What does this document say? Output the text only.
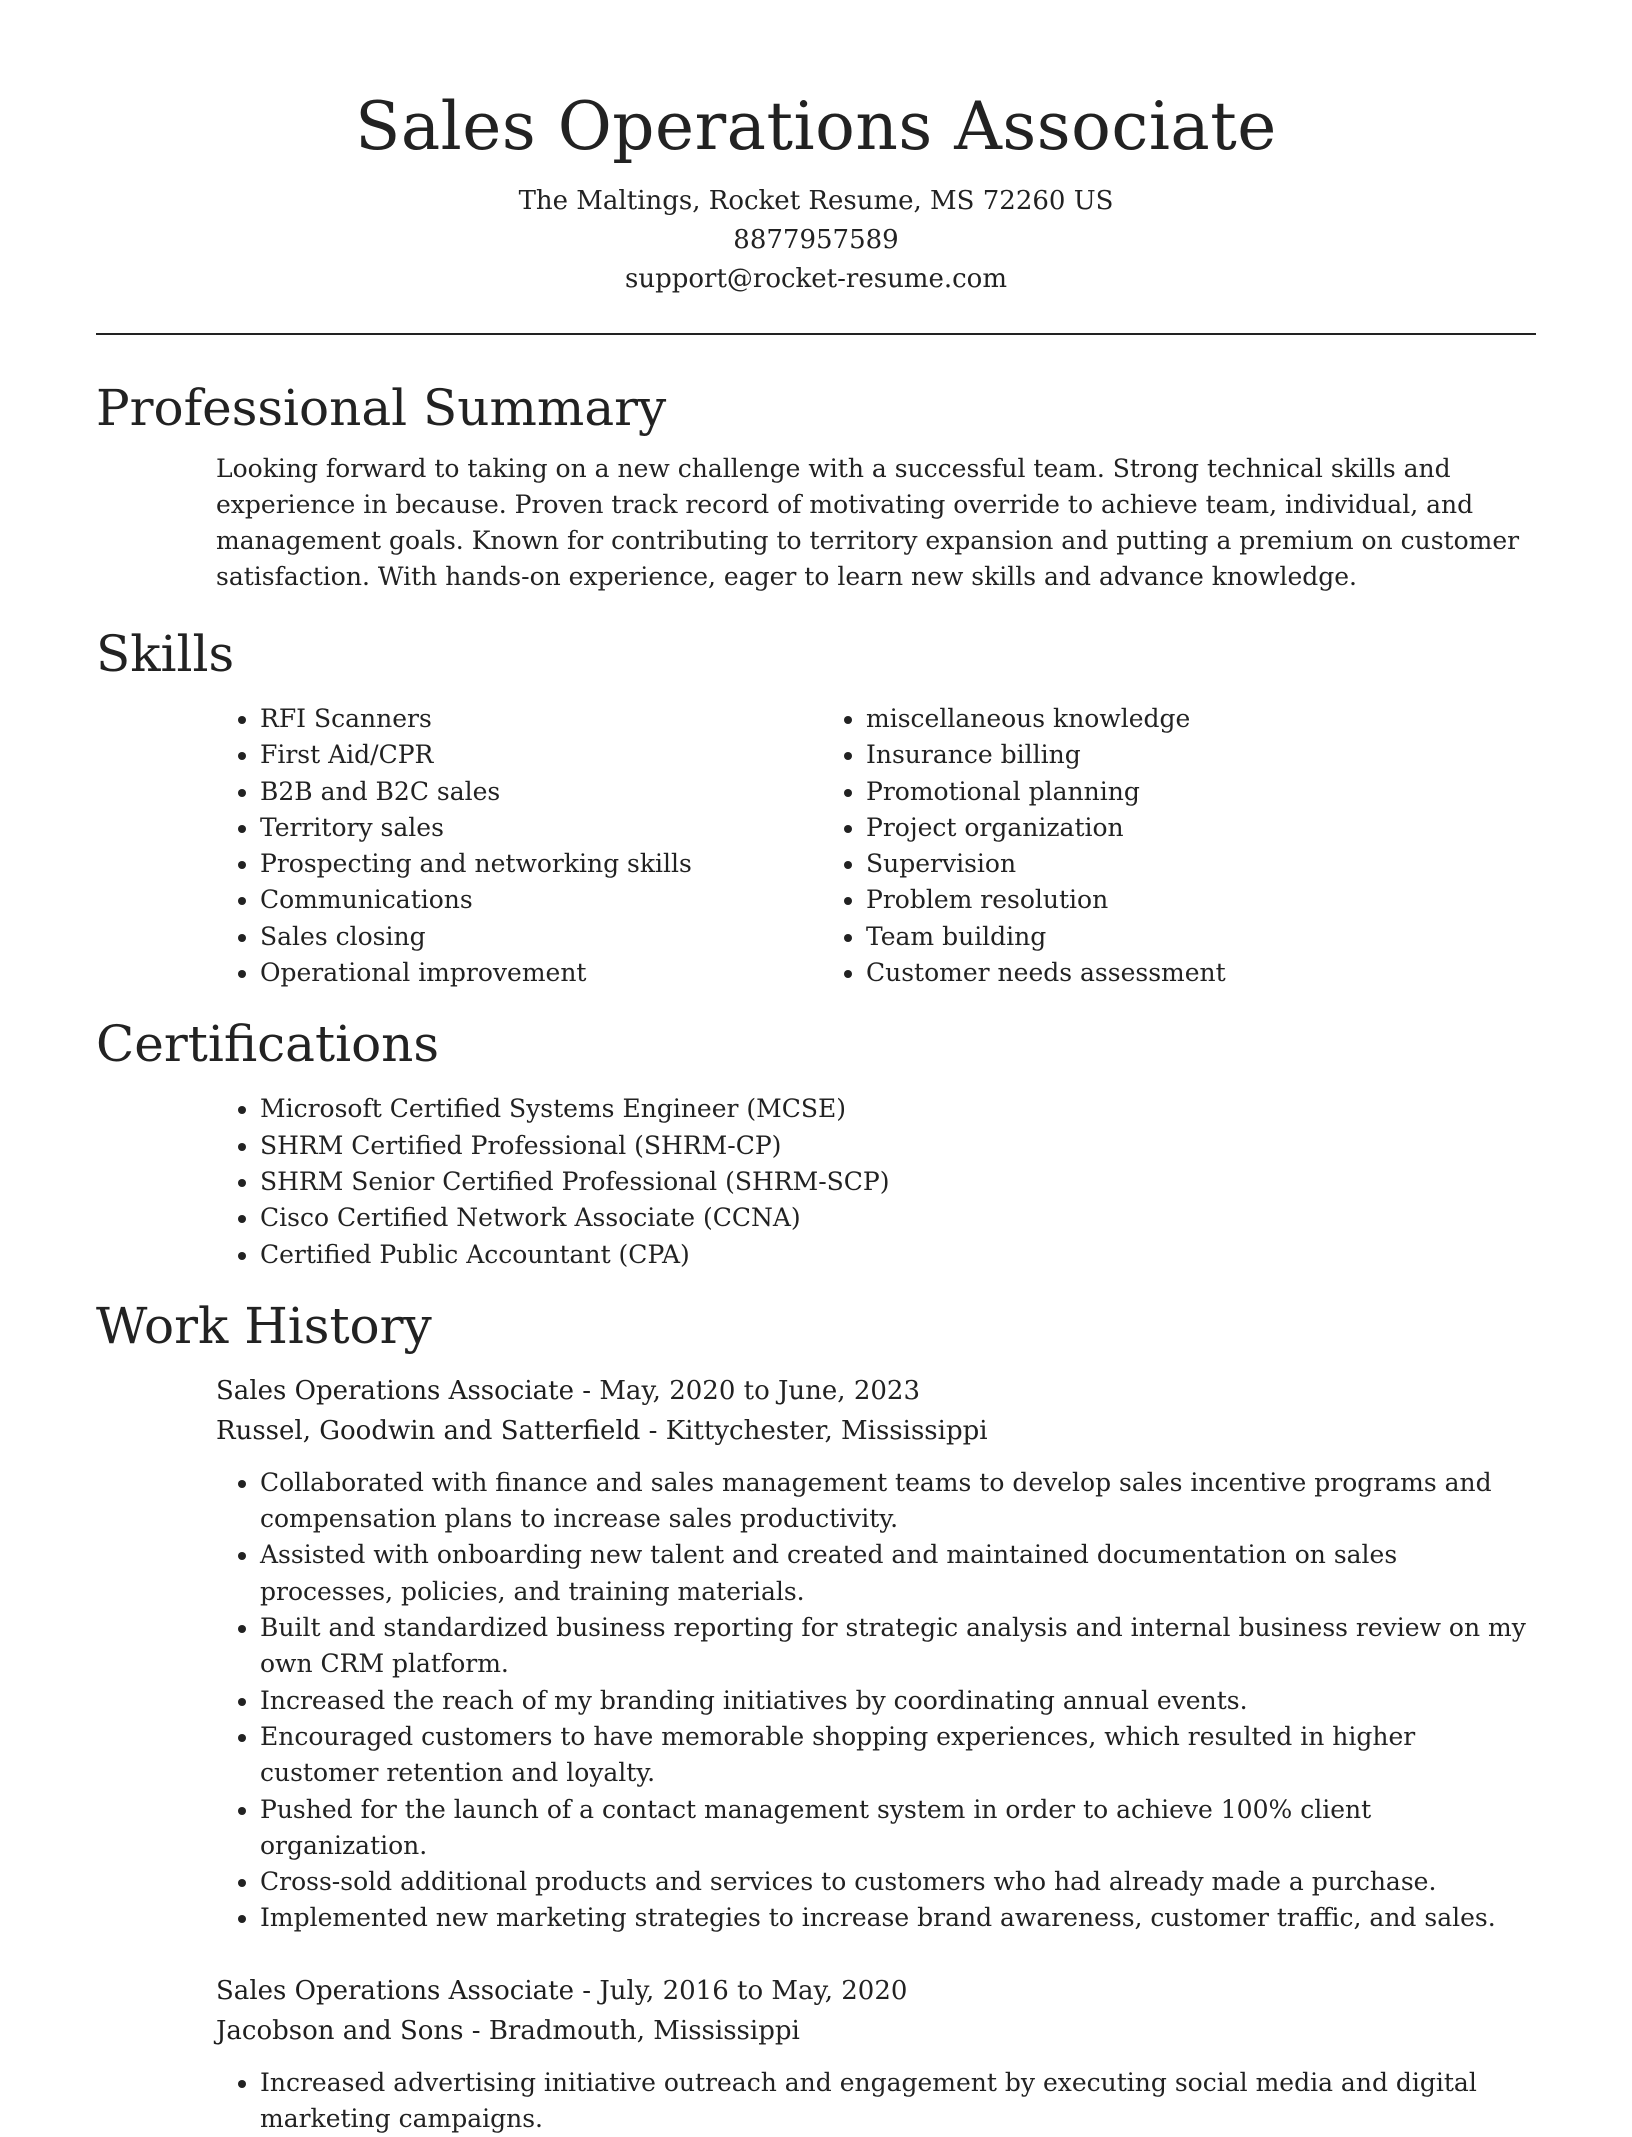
Sales Operations Associate

The Maltings, Rocket Resume, MS 72260 US

8877957589

support@rocket-resume.com

Professional Summary

Looking forward to taking on a new challenge with a successful team. Strong technical skills and experience in because. Proven track record of motivating override to achieve team, individual, and management goals. Known for contributing to territory expansion and putting a premium on customer satisfaction. With hands-on experience, eager to learn new skills and advance knowledge.

Skills
• RFI Scanners
• First Aid/CPR
• B2B and B2C sales
• Territory sales
• Prospecting and networking skills
• Communications
• Sales closing
• Operational improvement
• miscellaneous knowledge
• Insurance billing
• Promotional planning
• Project organization
• Supervision
• Problem resolution
• Team building
• Customer needs assessment
Certifications
• Microsoft Certified Systems Engineer (MCSE)
• SHRM Certified Professional (SHRM-CP)
• SHRM Senior Certified Professional (SHRM-SCP)
• Cisco Certified Network Associate (CCNA)
• Certified Public Accountant (CPA)
Work History

Sales Operations Associate - May, 2020 to June, 2023

Russel, Goodwin and Satterfield - Kittychester, Mississippi

• Collaborated with finance and sales management teams to develop sales incentive programs and compensation plans to increase sales productivity.
• Assisted with onboarding new talent and created and maintained documentation on sales processes, policies, and training materials.
• Built and standardized business reporting for strategic analysis and internal business review on my own CRM platform.
• Increased the reach of my branding initiatives by coordinating annual events.
• Encouraged customers to have memorable shopping experiences, which resulted in higher customer retention and loyalty.
• Pushed for the launch of a contact management system in order to achieve 100% client organization.
• Cross-sold additional products and services to customers who had already made a purchase.
• Implemented new marketing strategies to increase brand awareness, customer traffic, and sales.

Sales Operations Associate - July, 2016 to May, 2020

Jacobson and Sons - Bradmouth, Mississippi

• Increased advertising initiative outreach and engagement by executing social media and digital marketing campaigns.
